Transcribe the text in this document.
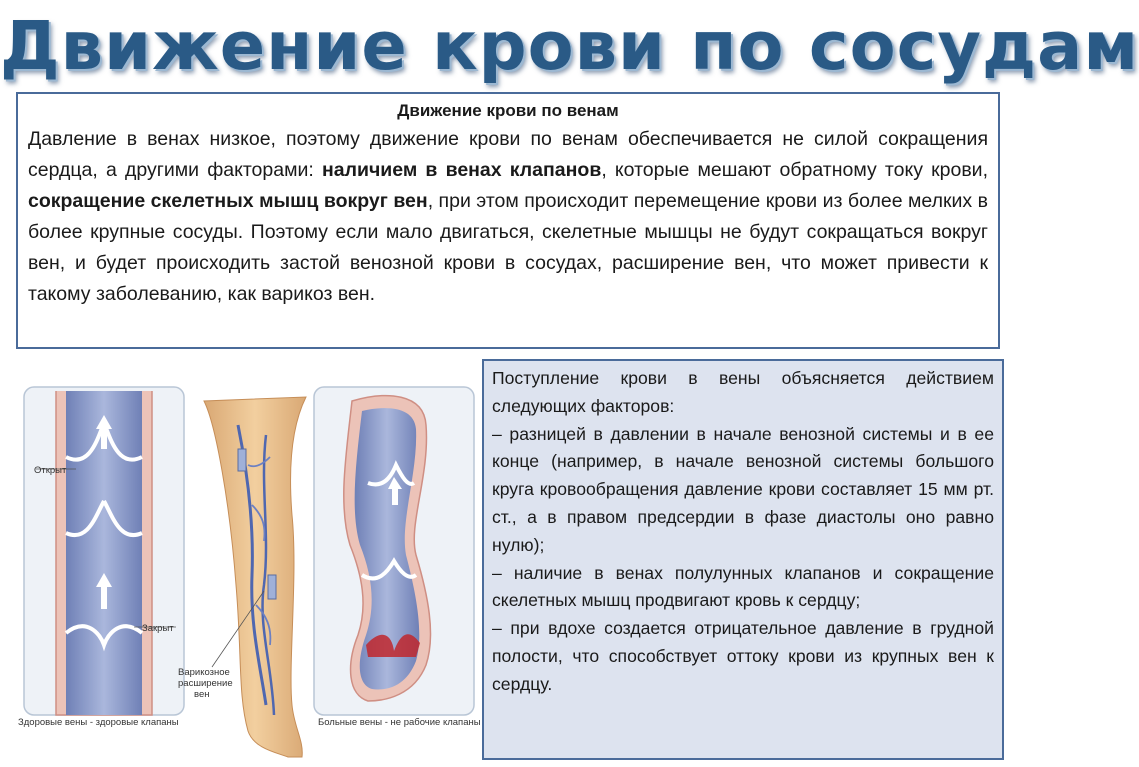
Движение крови по сосудам
Движение крови по венам
Давление в венах низкое, поэтому движение крови по венам обеспечивается не силой сокращения сердца, а другими факторами: наличием в венах клапанов, которые мешают обратному току крови, сокращение скелетных мышц вокруг вен, при этом происходит перемещение крови из более мелких в более крупные сосуды. Поэтому если мало двигаться, скелетные мышцы не будут сокращаться вокруг вен, и будет происходить застой венозной крови в сосудах, расширение вен, что может привести к такому заболеванию, как варикоз вен.
Открыт
Закрыт
Варикозное
расширение
вен
Здоровые вены - здоровые клапаны	Больные вены - не рабочие клапаны

Поступление крови в вены объясняется действием следующих факторов:

– разницей в давлении в начале венозной системы и в ее конце (например, в начале венозной системы большого круга кровообращения давление крови составляет 15 мм рт. ст., а в правом предсердии в фазе диастолы оно равно нулю);

– наличие в венах полулунных клапанов и сокращение скелетных мышц продвигают кровь к сердцу;

– при вдохе создается отрицательное давление в грудной полости, что способствует оттоку крови из крупных вен к сердцу.
